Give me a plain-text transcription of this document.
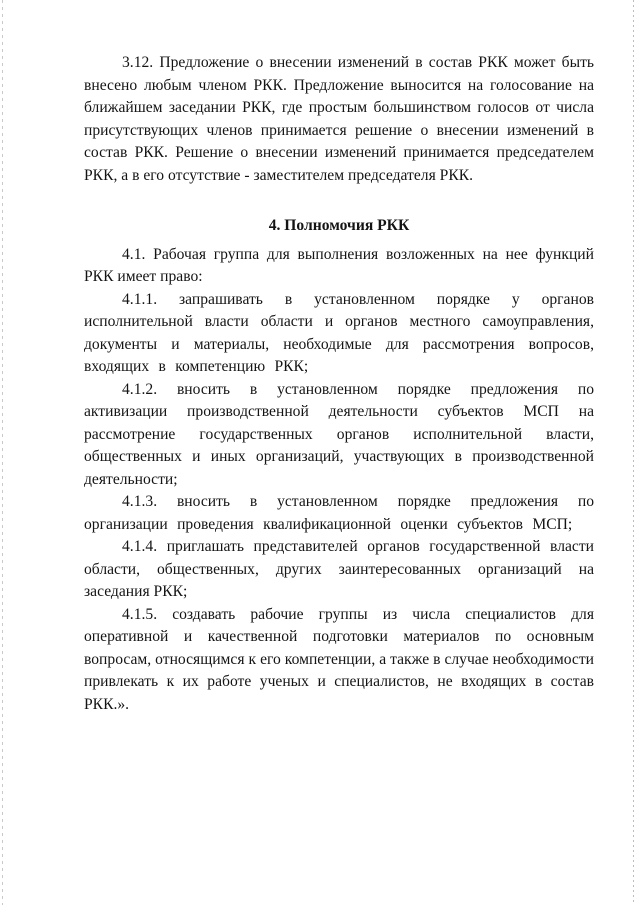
3.12. Предложение о внесении изменений в состав РКК может быть внесено любым членом РКК. Предложение выносится на голосование на ближайшем заседании РКК, где простым большинством голосов от числа присутствующих членов принимается решение о внесении изменений в состав РКК. Решение о внесении изменений принимается председателем РКК, а в его отсутствие - заместителем председателя РКК.

4. Полномочия РКК

4.1. Рабочая группа для выполнения возложенных на нее функций РКК имеет право:

4.1.1. запрашивать в установленном порядке у органов исполнительной власти области и органов местного самоуправления, документы и материалы, необходимые для рассмотрения вопросов, входящих в компетенцию РКК;

4.1.2. вносить в установленном порядке предложения по активизации производственной деятельности субъектов МСП на рассмотрение государственных органов исполнительной власти, общественных и иных организаций, участвующих в производственной деятельности;

4.1.3. вносить в установленном порядке предложения по организации проведения квалификационной оценки субъектов МСП;

4.1.4. приглашать представителей органов государственной власти области, общественных, других заинтересованных организаций на заседания РКК;

4.1.5. создавать рабочие группы из числа специалистов для оперативной и качественной подготовки материалов по основным вопросам, относящимся к его компетенции, а также в случае необходимости привлекать к их работе ученых и специалистов, не входящих в состав РКК.».
